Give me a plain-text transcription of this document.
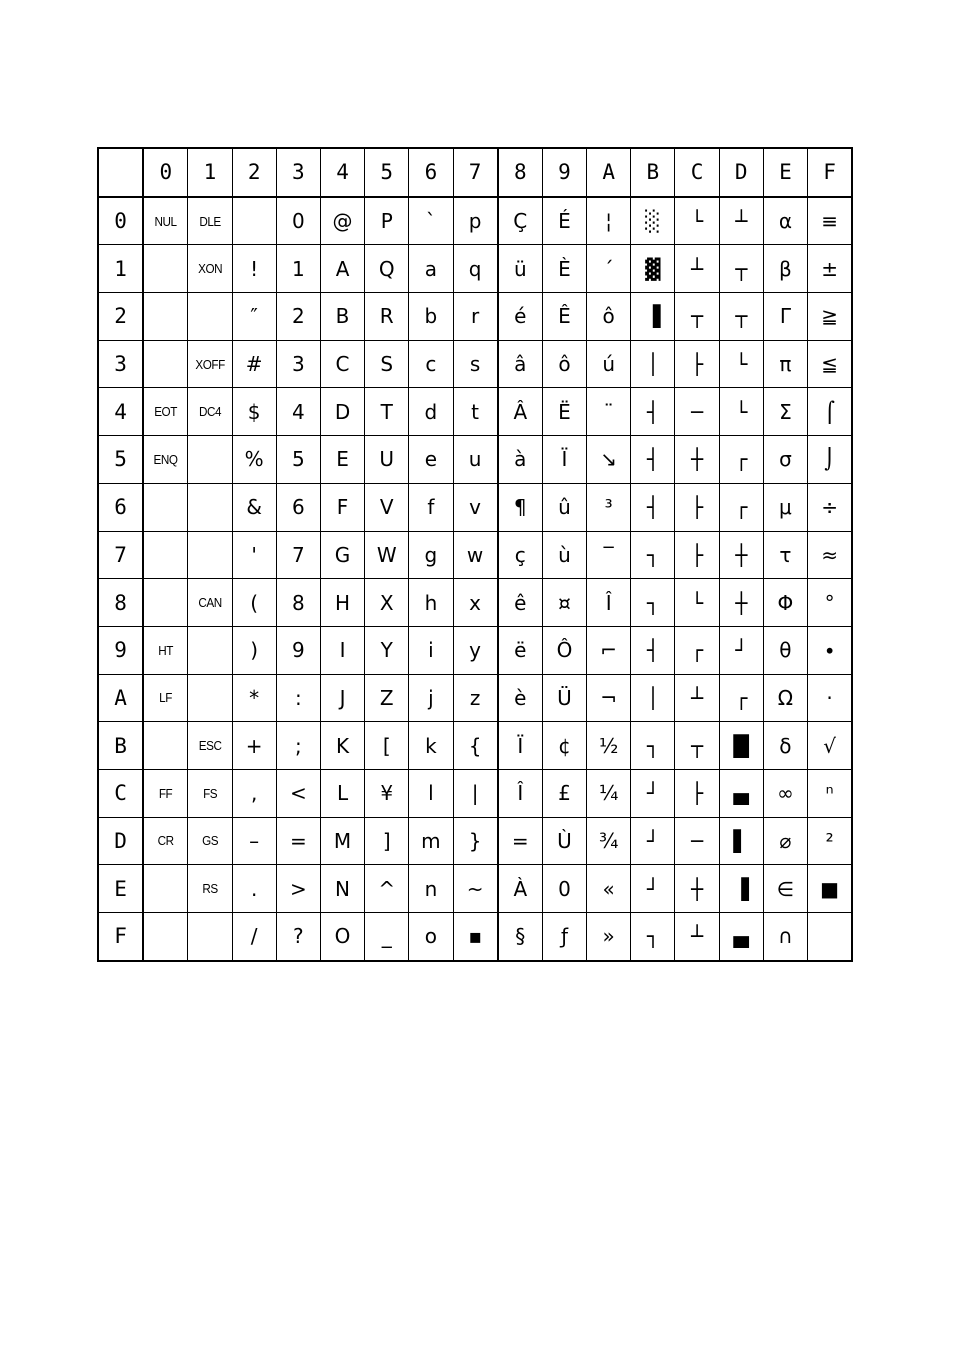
	0	1	2	3	4	5	6	7	8	9	A	B	C	D	E	F
0	NUL	DLE		0	@	P	`	p	Ç	É	¦	░	└	┴	α	≡
1		XON	!	1	A	Q	a	q	ü	È	´	▓	┴	┬	β	±
2			″	2	B	R	b	r	é	Ê	ô	▐	┬	┬	Γ	≧
3		XOFF	#	3	C	S	c	s	â	ô	ú	│	├	└	π	≦
4	EOT	DC4	$	4	D	T	d	t	Â	Ë	¨	┤	─	└	Σ	⌠
5	ENQ		%	5	E	U	e	u	à	Ï	↘	┤	┼	┌	σ	⌡
6			&	6	F	V	f	v	¶	û	³	┤	├	┌	μ	÷
7			'	7	G	W	g	w	ç	ù	‾	┐	├	┼	τ	≈
8		CAN	(	8	H	X	h	x	ê	¤	Î	┐	└	┼	Φ	°
9	HT		)	9	I	Y	i	y	ë	Ô	⌐	┤	┌	┘	θ	∙
A	LF		*	:	J	Z	j	z	è	Ü	¬	│	┴	┌	Ω	·
B		ESC	+	;	K	[	k	{	Ï	¢	½	┐	┬	█	δ	√
C	FF	FS	,	<	L	¥	l	|	Î	£	¼	┘	├	▄	∞	ⁿ
D	CR	GS	–	=	M	]	m	}	=	Ù	¾	┘	─	▌	⌀	²
E		RS	.	>	N	^	n	~	À	0	«	┘	┼	▐	∈	■
F			/	?	O	_	o	▪	§	ƒ	»	┐	┴	▄	∩	
